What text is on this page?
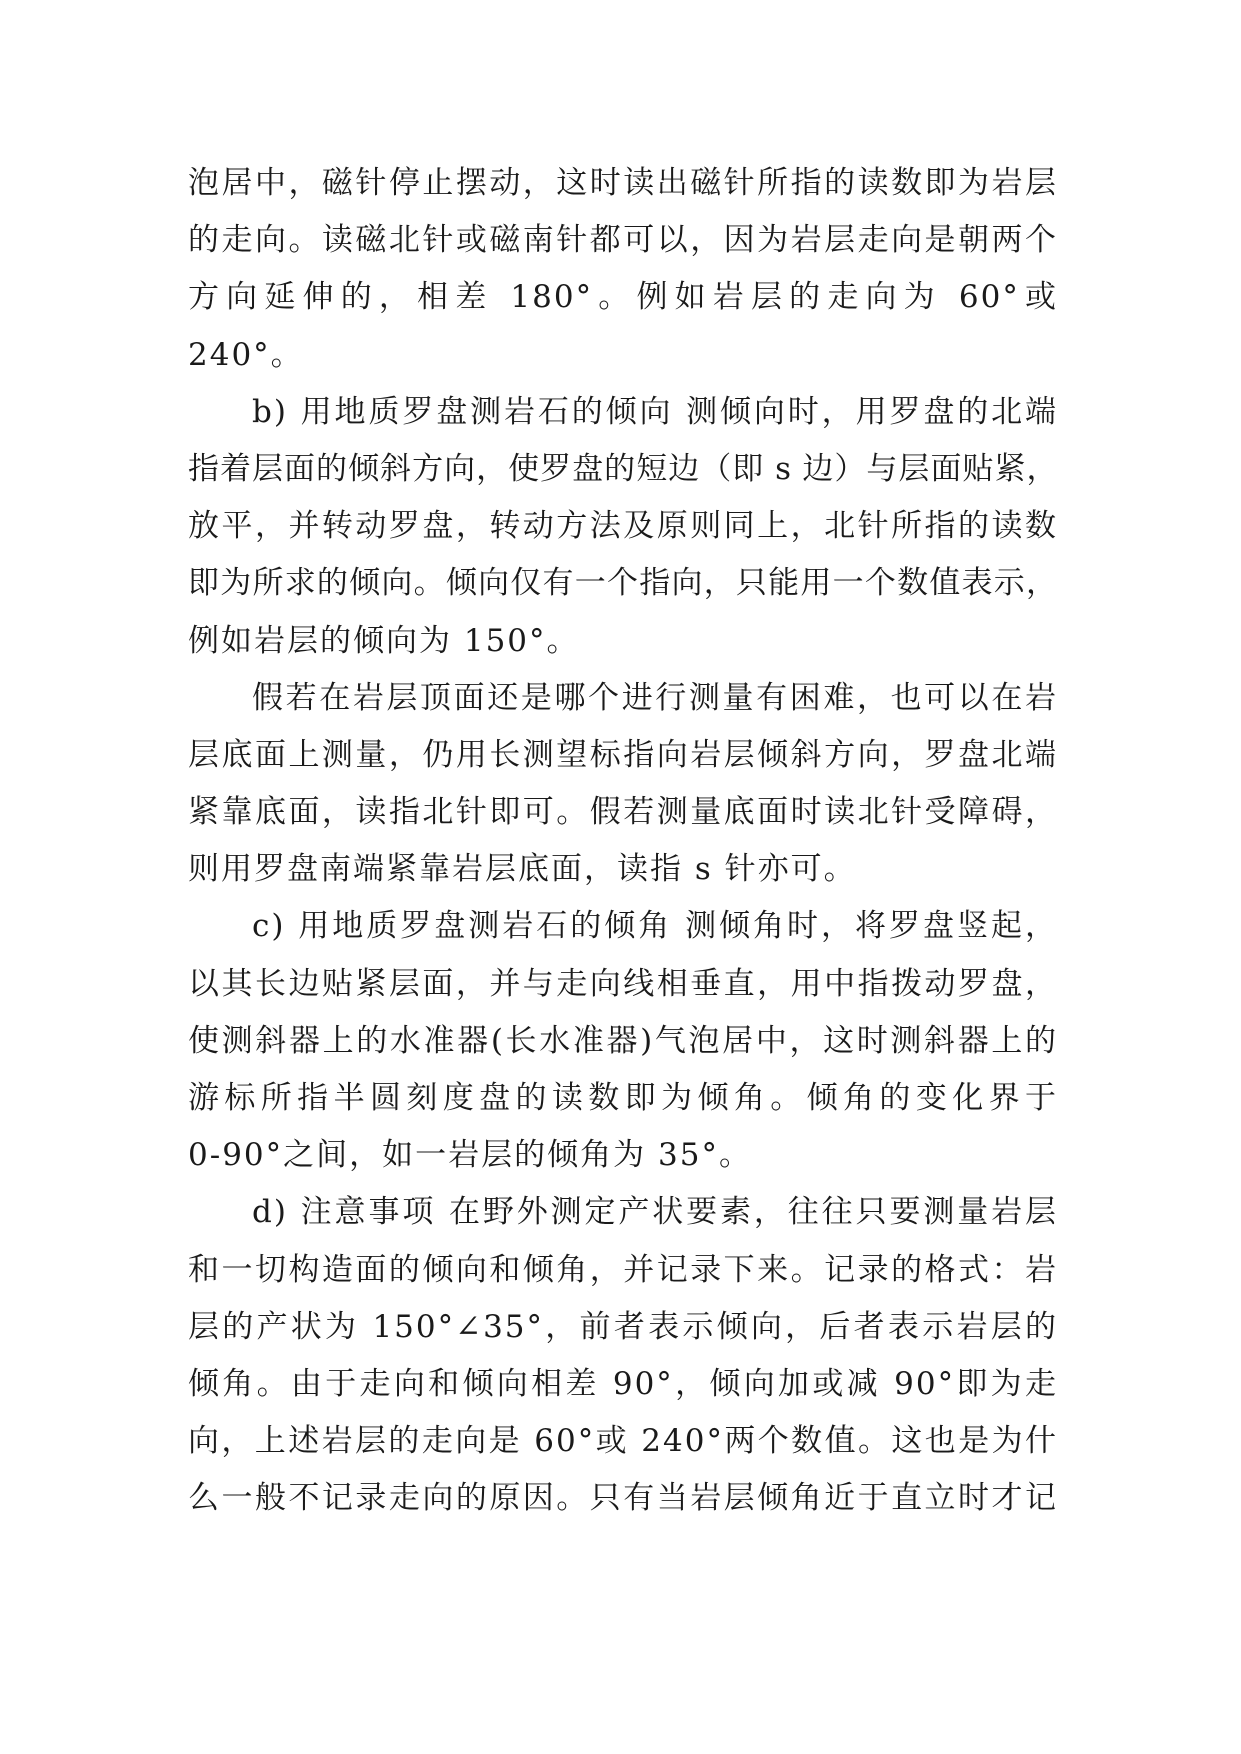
泡居中，磁针停止摆动，这时读出磁针所指的读数即为岩层
的走向。读磁北针或磁南针都可以，因为岩层走向是朝两个
方向延伸的，相差 180°。例如岩层的走向为 60°或
240°。
b) 用地质罗盘测岩石的倾向 测倾向时，用罗盘的北端
指着层面的倾斜方向，使罗盘的短边（即 s 边）与层面贴紧，
放平，并转动罗盘，转动方法及原则同上，北针所指的读数
即为所求的倾向。倾向仅有一个指向，只能用一个数值表示，
例如岩层的倾向为 150°。
假若在岩层顶面还是哪个进行测量有困难，也可以在岩
层底面上测量，仍用长测望标指向岩层倾斜方向，罗盘北端
紧靠底面，读指北针即可。假若测量底面时读北针受障碍，
则用罗盘南端紧靠岩层底面，读指 s 针亦可。
c) 用地质罗盘测岩石的倾角 测倾角时，将罗盘竖起，
以其长边贴紧层面，并与走向线相垂直，用中指拨动罗盘，
使测斜器上的水准器(长水准器)气泡居中，这时测斜器上的
游标所指半圆刻度盘的读数即为倾角。倾角的变化界于
0-90°之间，如一岩层的倾角为 35°。
d) 注意事项 在野外测定产状要素，往往只要测量岩层
和一切构造面的倾向和倾角，并记录下来。记录的格式：岩
层的产状为 150°∠35°，前者表示倾向，后者表示岩层的
倾角。由于走向和倾向相差 90°，倾向加或减 90°即为走
向，上述岩层的走向是 60°或 240°两个数值。这也是为什
么一般不记录走向的原因。只有当岩层倾角近于直立时才记
